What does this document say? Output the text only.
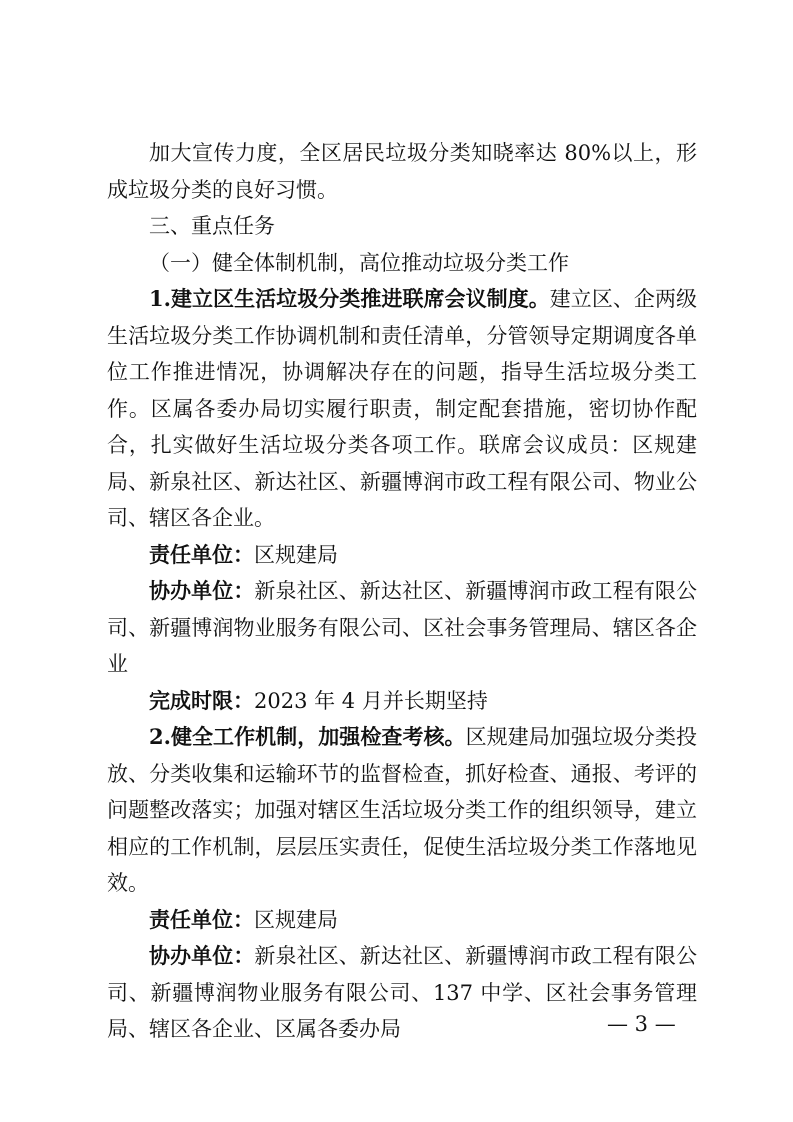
加大宣传力度，全区居民垃圾分类知晓率达 80%以上，形成垃圾分类的良好习惯。

三、重点任务

（一）健全体制机制，高位推动垃圾分类工作

1.建立区生活垃圾分类推进联席会议制度。建立区、企两级生活垃圾分类工作协调机制和责任清单，分管领导定期调度各单位工作推进情况，协调解决存在的问题，指导生活垃圾分类工作。区属各委办局切实履行职责，制定配套措施，密切协作配合，扎实做好生活垃圾分类各项工作。联席会议成员：区规建局、新泉社区、新达社区、新疆博润市政工程有限公司、物业公司、辖区各企业。

责任单位：区规建局

协办单位：新泉社区、新达社区、新疆博润市政工程有限公司、新疆博润物业服务有限公司、区社会事务管理局、辖区各企业

完成时限：2023 年 4 月并长期坚持

2.健全工作机制，加强检查考核。区规建局加强垃圾分类投放、分类收集和运输环节的监督检查，抓好检查、通报、考评的问题整改落实；加强对辖区生活垃圾分类工作的组织领导，建立相应的工作机制，层层压实责任，促使生活垃圾分类工作落地见效。

责任单位：区规建局

协办单位：新泉社区、新达社区、新疆博润市政工程有限公司、新疆博润物业服务有限公司、137 中学、区社会事务管理局、辖区各企业、区属各委办局	— 3 —
